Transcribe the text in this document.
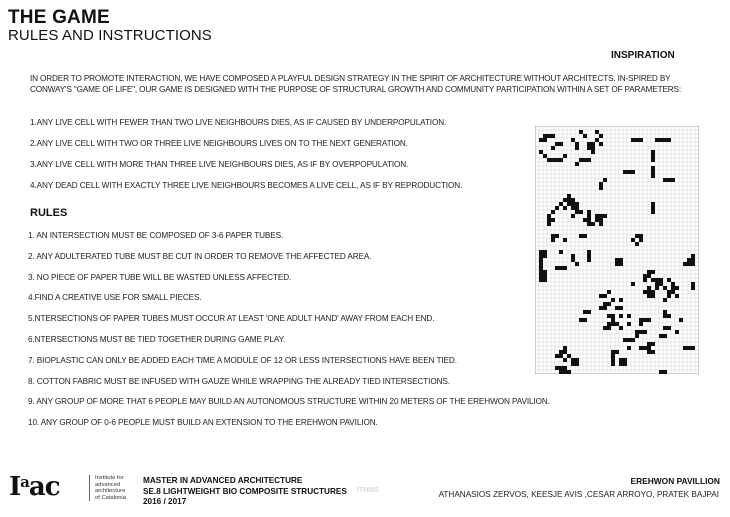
THE GAME
RULES AND INSTRUCTIONS
INSPIRATION
IN ORDER TO PROMOTE INTERACTION, WE HAVE COMPOSED A PLAYFUL DESIGN STRATEGY IN THE SPIRIT OF ARCHITECTURE WITHOUT ARCHITECTS. IN-SPIRED BY CONWAY'S "GAME OF LIFE", OUR GAME IS DESIGNED WITH THE PURPOSE OF STRUCTURAL GROWTH AND COMMUNITY PARTICIPATION WITHIN A SET OF PARAMETERS:
1.ANY LIVE CELL WITH FEWER THAN TWO LIVE NEIGHBOURS DIES, AS IF CAUSED BY UNDERPOPULATION.
2.ANY LIVE CELL WITH TWO OR THREE LIVE NEIGHBOURS LIVES ON TO THE NEXT GENERATION.
3.ANY LIVE CELL WITH MORE THAN THREE LIVE NEIGHBOURS DIES, AS IF BY OVERPOPULATION.
4.ANY DEAD CELL WITH EXACTLY THREE LIVE NEIGHBOURS BECOMES A LIVE CELL, AS IF BY REPRODUCTION.
RULES
1. AN INTERSECTION MUST BE COMPOSED OF 3-6 PAPER TUBES.
2. ANY ADULTERATED TUBE MUST BE CUT IN ORDER TO REMOVE THE AFFECTED AREA.
3. NO PIECE OF PAPER TUBE WILL BE WASTED UNLESS AFFECTED.
4.FIND A CREATIVE USE FOR SMALL PIECES.
5.NTERSECTIONS OF PAPER TUBES MUST OCCUR AT LEAST 'ONE ADULT HAND' AWAY FROM EACH END.
6.NTERSECTIONS MUST BE TIED TOGETHER DURING GAME PLAY.
7. BIOPLASTIC CAN ONLY BE ADDED EACH TIME A MODULE OF 12 OR LESS INTERSECTIONS HAVE BEEN TIED.
8. COTTON FABRIC MUST BE INFUSED WITH GAUZE WHILE WRAPPING THE ALREADY TIED INTERSECTIONS.
9. ANY GROUP OF MORE THAT 6 PEOPLE MAY BUILD AN AUTONOMOUS STRUCTURE WITHIN 20 METERS OF THE EREHWON PAVILION.
10. ANY GROUP OF 0-6 PEOPLE MUST BUILD AN EXTENSION TO THE EREHWON PAVILION.
$I^aac$	Institute for
advanced
architecture
of Catalonia
MASTER IN ADVANCED ARCHITECTURE
SE.8 LIGHTWEIGHT BIO COMPOSITE STRUCTURES
2016 / 2017
ITHMS
EREHWON PAVILLION
ATHANASIOS ZERVOS, KEESJE AVIS ,CESAR ARROYO, PRATEK BAJPAI
